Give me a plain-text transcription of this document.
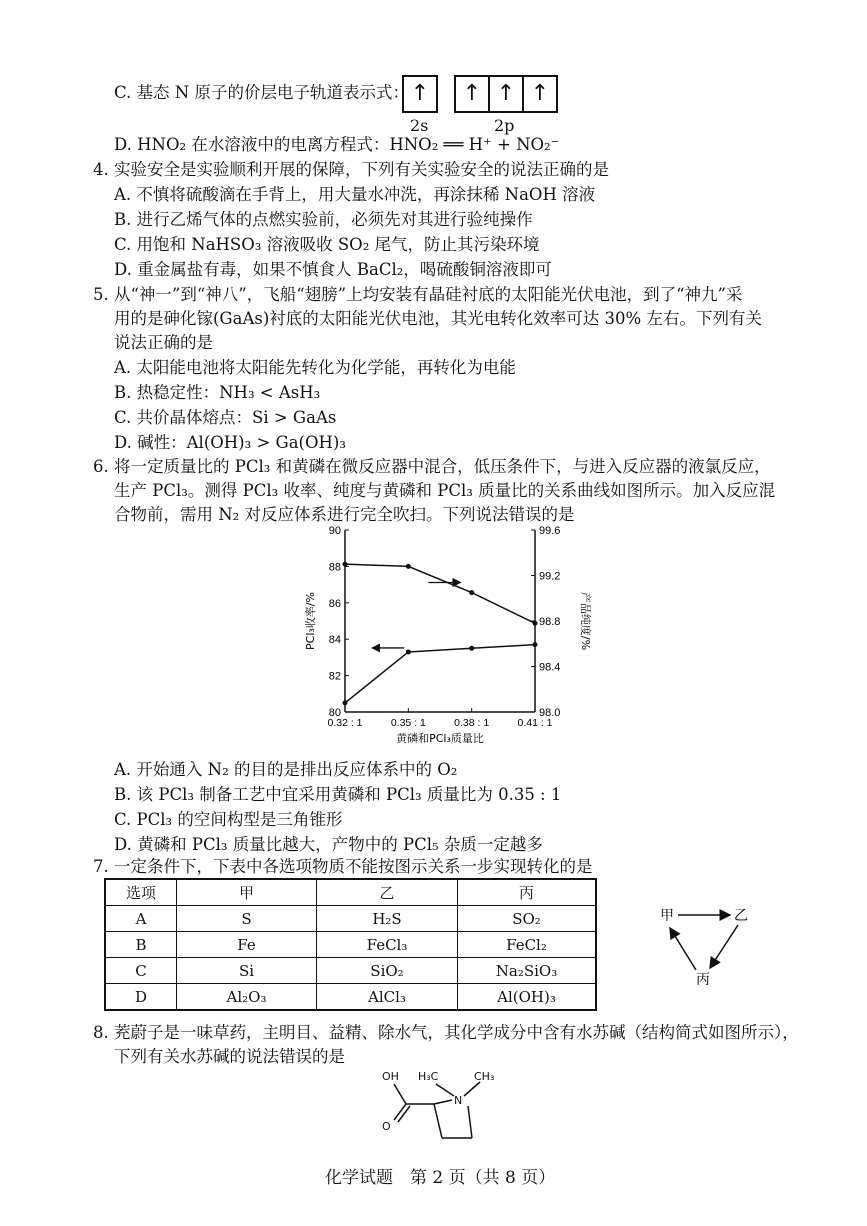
C. 基态 N 原子的价层电子轨道表示式： ↑	↑ ↑ ↑
2s	2p
D. HNO₂ 在水溶液中的电离方程式：HNO₂ ══ H⁺ + NO₂⁻
4. 实验安全是实验顺利开展的保障，下列有关实验安全的说法正确的是
A. 不慎将硫酸滴在手背上，用大量水冲洗，再涂抹稀 NaOH 溶液
B. 进行乙烯气体的点燃实验前，必须先对其进行验纯操作
C. 用饱和 NaHSO₃ 溶液吸收 SO₂ 尾气，防止其污染环境
D. 重金属盐有毒，如果不慎食人 BaCl₂，喝硫酸铜溶液即可
5. 从“神一”到“神八”，飞船“翅膀”上均安装有晶硅衬底的太阳能光伏电池，到了“神九”采
用的是砷化镓(GaAs)衬底的太阳能光伏电池，其光电转化效率可达 30% 左右。下列有关
说法正确的是
A. 太阳能电池将太阳能先转化为化学能，再转化为电能
B. 热稳定性：NH₃ < AsH₃
C. 共价晶体熔点：Si > GaAs
D. 碱性：Al(OH)₃ > Ga(OH)₃
6. 将一定质量比的 PCl₃ 和黄磷在微反应器中混合，低压条件下，与进入反应器的液氯反应，
生产 PCl₃。测得 PCl₃ 收率、纯度与黄磷和 PCl₃ 质量比的关系曲线如图所示。加入反应混
合物前，需用 N₂ 对反应体系进行完全吹扫。下列说法错误的是
80
82
84
86
88
90
98.0
98.4
98.8
99.2
99.6
0.32 : 1	0.35 : 1	0.38 : 1	0.41 : 1
黄磷和PCl₃质量比
PCl₃收率/%	产品纯度/%
A. 开始通入 N₂ 的目的是排出反应体系中的 O₂
B. 该 PCl₃ 制备工艺中宜采用黄磷和 PCl₃ 质量比为 0.35 : 1
C. PCl₃ 的空间构型是三角锥形
D. 黄磷和 PCl₃ 质量比越大，产物中的 PCl₅ 杂质一定越多
7. 一定条件下，下表中各选项物质不能按图示关系一步实现转化的是
选项	甲	乙	丙
A	S	H₂S	SO₂
B	Fe	FeCl₃	FeCl₂
C	Si	SiO₂	Na₂SiO₃
D	Al₂O₃	AlCl₃	Al(OH)₃
甲	乙
丙
8. 茺蔚子是一味草药，主明目、益精、除水气，其化学成分中含有水苏碱（结构简式如图所示），
下列有关水苏碱的说法错误的是
OH H₃C	CH₃
N
O
化学试题　第 2 页（共 8 页）
